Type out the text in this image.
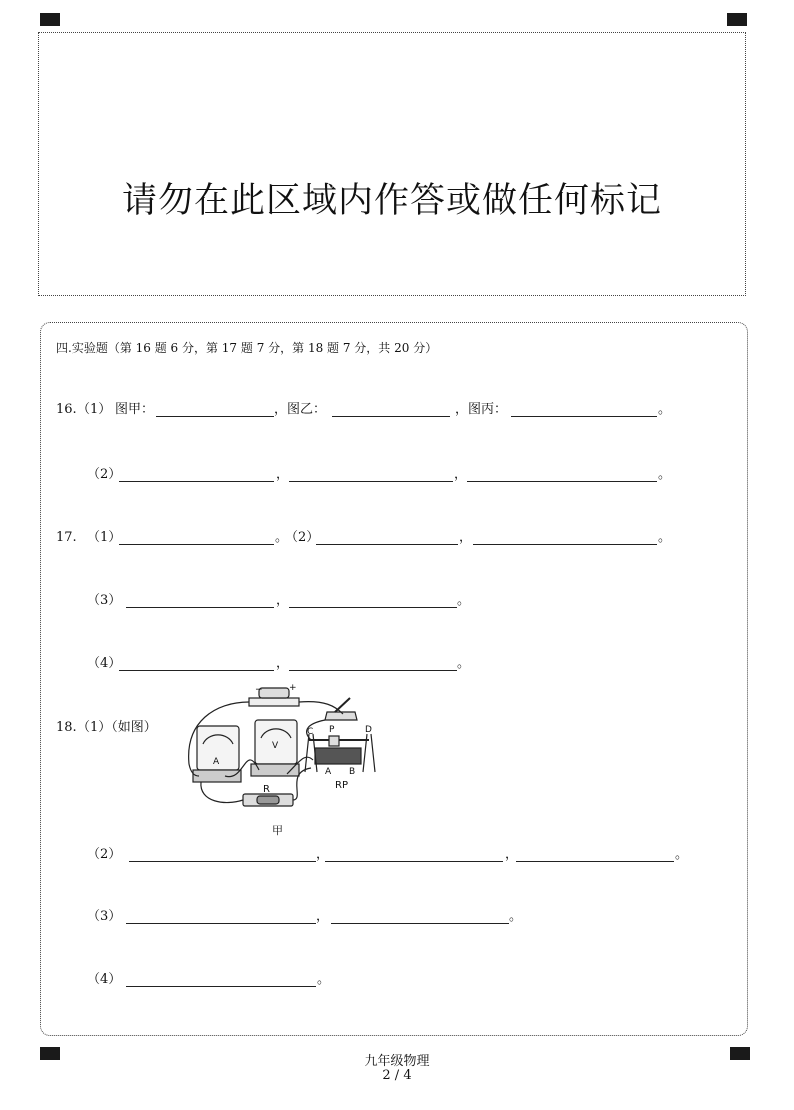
请勿在此区域内作答或做任何标记
四.实验题（第 16 题 6 分，第 17 题 7 分，第 18 题 7 分，共 20 分）
16. （1） 图甲：	，图乙：	，图丙：	。
（2）	，	，	。
17. （1）	。
（2）	，	。
（3）	，	。
（4）	，	。
18. （1）（如图）
（2）	，	，	。
（3）	，	。
（4）	。
−	+
A
V
R
C P	D
A B
RP
甲
九年级物理
2 / 4
